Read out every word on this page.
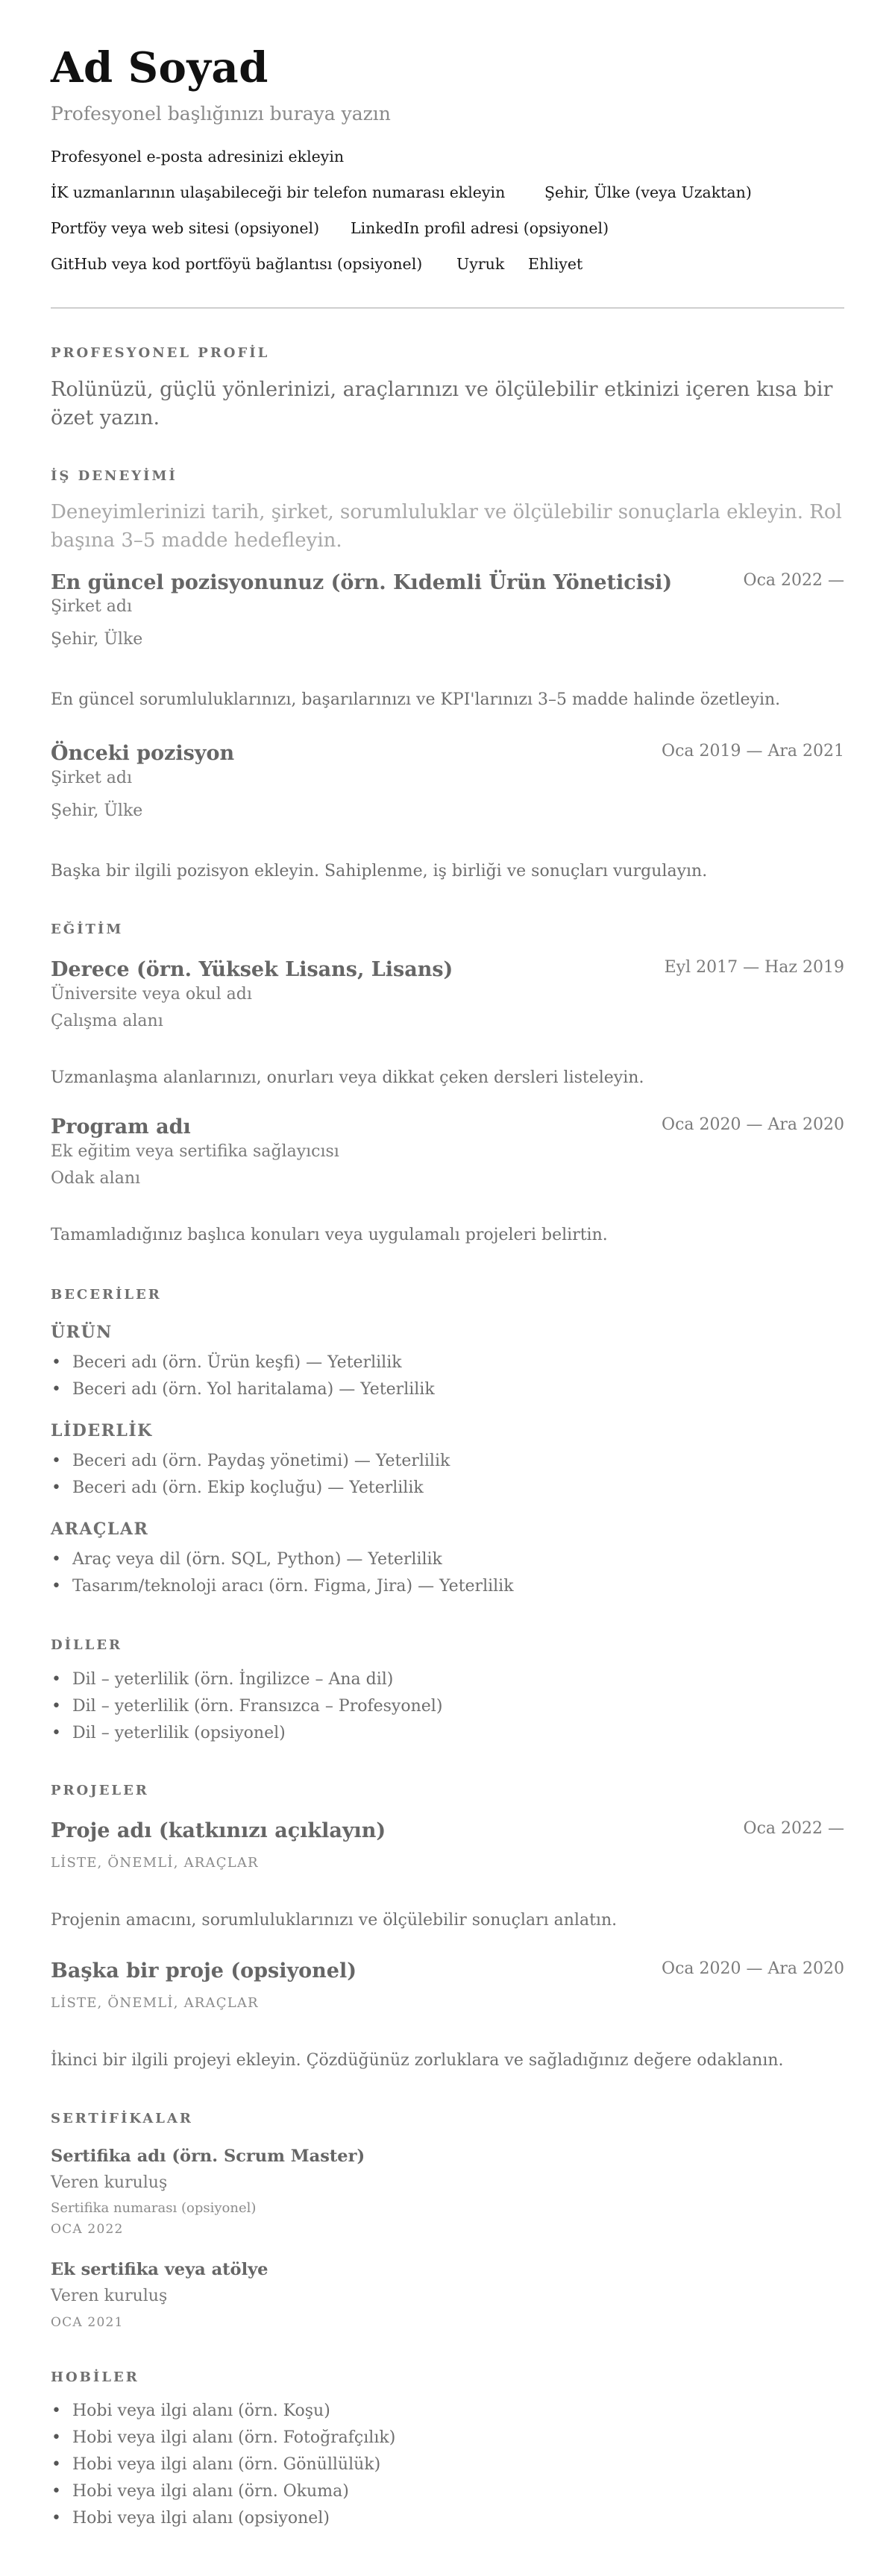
Ad Soyad
Profesyonel başlığınızı buraya yazın
Profesyonel e-posta adresinizi ekleyin
İK uzmanlarının ulaşabileceği bir telefon numarası ekleyin	Şehir, Ülke (veya Uzaktan)
Portföy veya web sitesi (opsiyonel) LinkedIn profil adresi (opsiyonel)
GitHub veya kod portföyü bağlantısı (opsiyonel) Uyruk Ehliyet
PROFESYONEL PROFİL
Rolünüzü, güçlü yönlerinizi, araçlarınızı ve ölçülebilir etkinizi içeren kısa bir özet yazın.
İŞ DENEYİMİ
Deneyimlerinizi tarih, şirket, sorumluluklar ve ölçülebilir sonuçlarla ekleyin. Rol başına 3–5 madde hedefleyin.
En güncel pozisyonunuz (örn. Kıdemli Ürün Yöneticisi)	Oca 2022 —
Şirket adı
Şehir, Ülke
En güncel sorumluluklarınızı, başarılarınızı ve KPI'larınızı 3–5 madde halinde özetleyin.
Önceki pozisyon	Oca 2019 — Ara 2021
Şirket adı
Şehir, Ülke
Başka bir ilgili pozisyon ekleyin. Sahiplenme, iş birliği ve sonuçları vurgulayın.
EĞİTİM
Derece (örn. Yüksek Lisans, Lisans)	Eyl 2017 — Haz 2019
Üniversite veya okul adı
Çalışma alanı
Uzmanlaşma alanlarınızı, onurları veya dikkat çeken dersleri listeleyin.
Program adı	Oca 2020 — Ara 2020
Ek eğitim veya sertifika sağlayıcısı
Odak alanı
Tamamladığınız başlıca konuları veya uygulamalı projeleri belirtin.
BECERİLER
ÜRÜN
• Beceri adı (örn. Ürün keşfi) — Yeterlilik
• Beceri adı (örn. Yol haritalama) — Yeterlilik
LİDERLİK
• Beceri adı (örn. Paydaş yönetimi) — Yeterlilik
• Beceri adı (örn. Ekip koçluğu) — Yeterlilik
ARAÇLAR
• Araç veya dil (örn. SQL, Python) — Yeterlilik
• Tasarım/teknoloji aracı (örn. Figma, Jira) — Yeterlilik
DİLLER
• Dil – yeterlilik (örn. İngilizce – Ana dil)
• Dil – yeterlilik (örn. Fransızca – Profesyonel)
• Dil – yeterlilik (opsiyonel)
PROJELER
Proje adı (katkınızı açıklayın)	Oca 2022 —
LİSTE, ÖNEMLİ, ARAÇLAR
Projenin amacını, sorumluluklarınızı ve ölçülebilir sonuçları anlatın.
Başka bir proje (opsiyonel)	Oca 2020 — Ara 2020
LİSTE, ÖNEMLİ, ARAÇLAR
İkinci bir ilgili projeyi ekleyin. Çözdüğünüz zorluklara ve sağladığınız değere odaklanın.
SERTİFİKALAR
Sertifika adı (örn. Scrum Master)
Veren kuruluş
Sertifika numarası (opsiyonel)
OCA 2022
Ek sertifika veya atölye
Veren kuruluş
OCA 2021
HOBİLER
• Hobi veya ilgi alanı (örn. Koşu)
• Hobi veya ilgi alanı (örn. Fotoğrafçılık)
• Hobi veya ilgi alanı (örn. Gönüllülük)
• Hobi veya ilgi alanı (örn. Okuma)
• Hobi veya ilgi alanı (opsiyonel)
